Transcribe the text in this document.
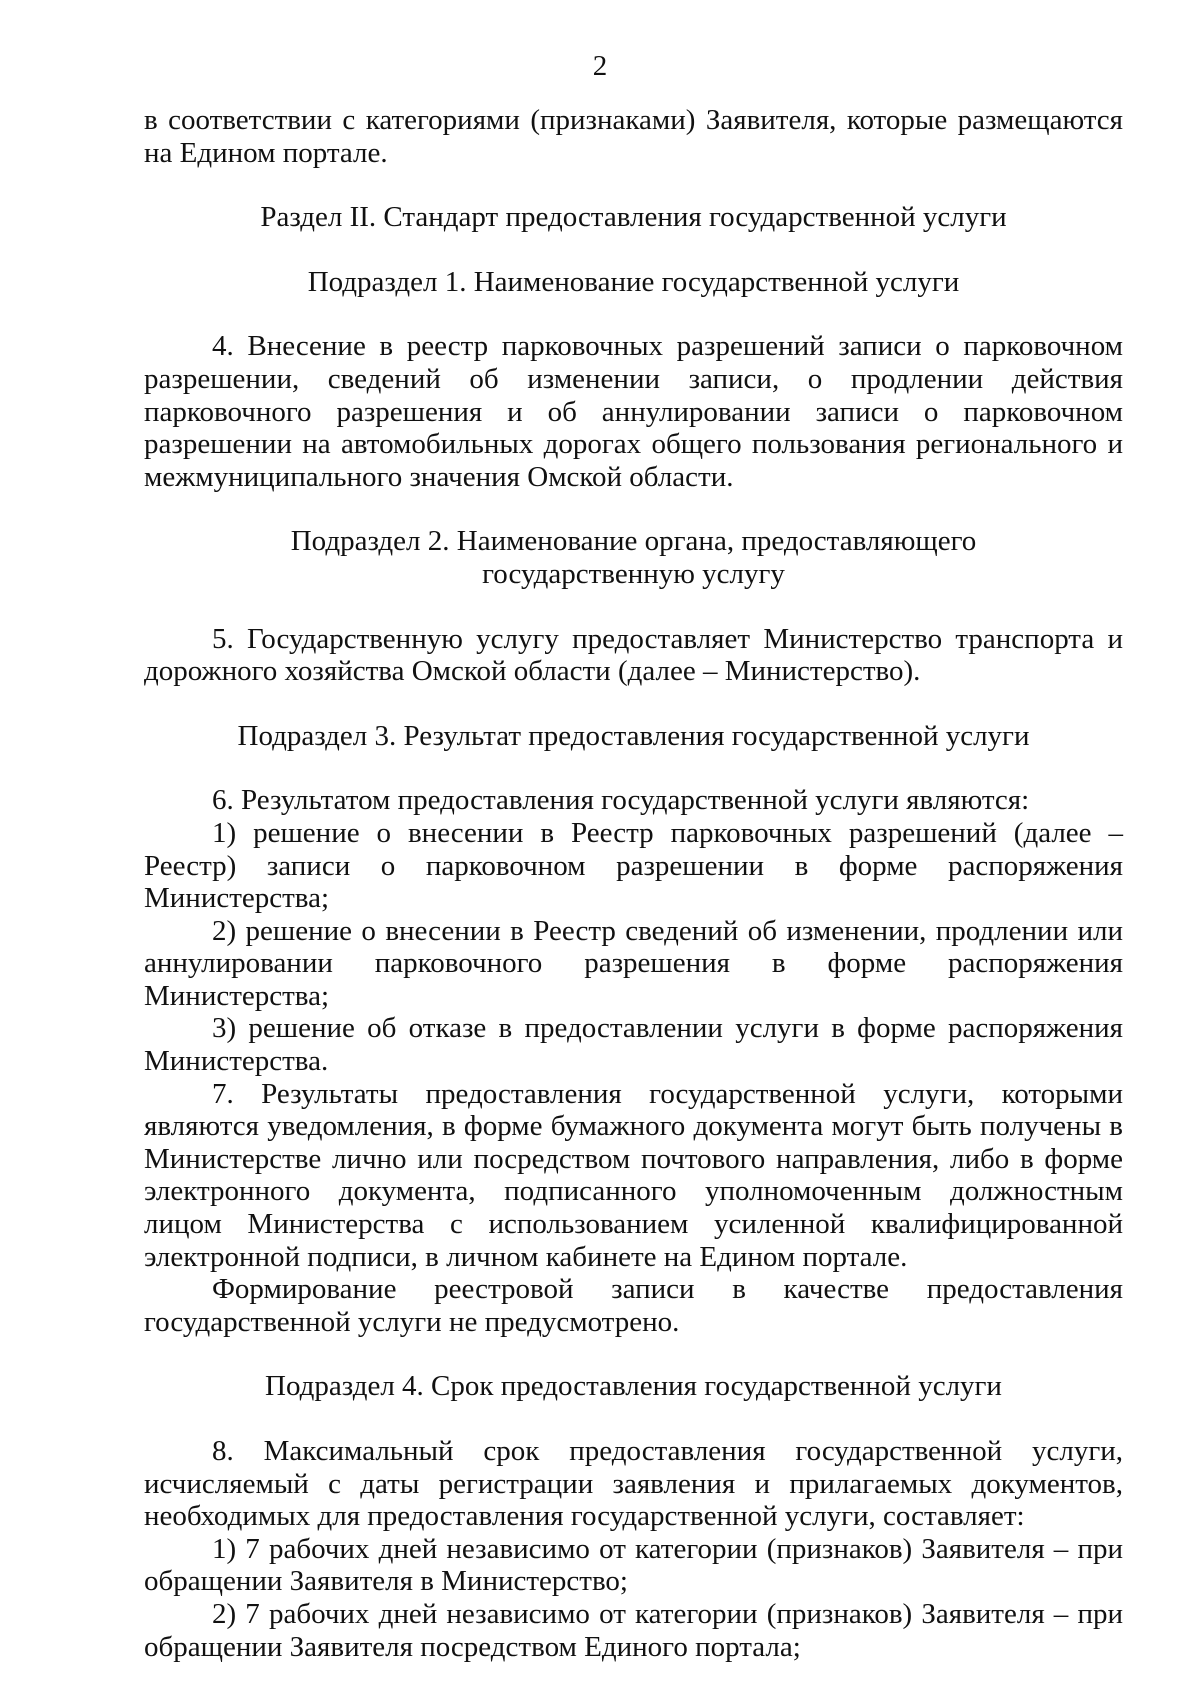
2

в соответствии с категориями (признаками) Заявителя, которые размещаются на Едином портале.

Раздел II. Стандарт предоставления государственной услуги

Подраздел 1. Наименование государственной услуги

4. Внесение в реестр парковочных разрешений записи о парковочном разрешении, сведений об изменении записи, о продлении действия парковочного разрешения и об аннулировании записи о парковочном разрешении на автомобильных дорогах общего пользования регионального и межмуниципального значения Омской области.

Подраздел 2. Наименование органа, предоставляющего
государственную услугу

5. Государственную услугу предоставляет Министерство транспорта и дорожного хозяйства Омской области (далее – Министерство).

Подраздел 3. Результат предоставления государственной услуги

6. Результатом предоставления государственной услуги являются:

1) решение о внесении в Реестр парковочных разрешений (далее – Реестр) записи о парковочном разрешении в форме распоряжения Министерства;

2) решение о внесении в Реестр сведений об изменении, продлении или аннулировании парковочного разрешения в форме распоряжения Министерства;

3) решение об отказе в предоставлении услуги в форме распоряжения Министерства.

7. Результаты предоставления государственной услуги, которыми являются уведомления, в форме бумажного документа могут быть получены в Министерстве лично или посредством почтового направления, либо в форме электронного документа, подписанного уполномоченным должностным лицом Министерства с использованием усиленной квалифицированной электронной подписи, в личном кабинете на Едином портале.

Формирование реестровой записи в качестве предоставления государственной услуги не предусмотрено.

Подраздел 4. Срок предоставления государственной услуги

8. Максимальный срок предоставления государственной услуги, исчисляемый с даты регистрации заявления и прилагаемых документов, необходимых для предоставления государственной услуги, составляет:

1) 7 рабочих дней независимо от категории (признаков) Заявителя – при обращении Заявителя в Министерство;

2) 7 рабочих дней независимо от категории (признаков) Заявителя – при обращении Заявителя посредством Единого портала;
